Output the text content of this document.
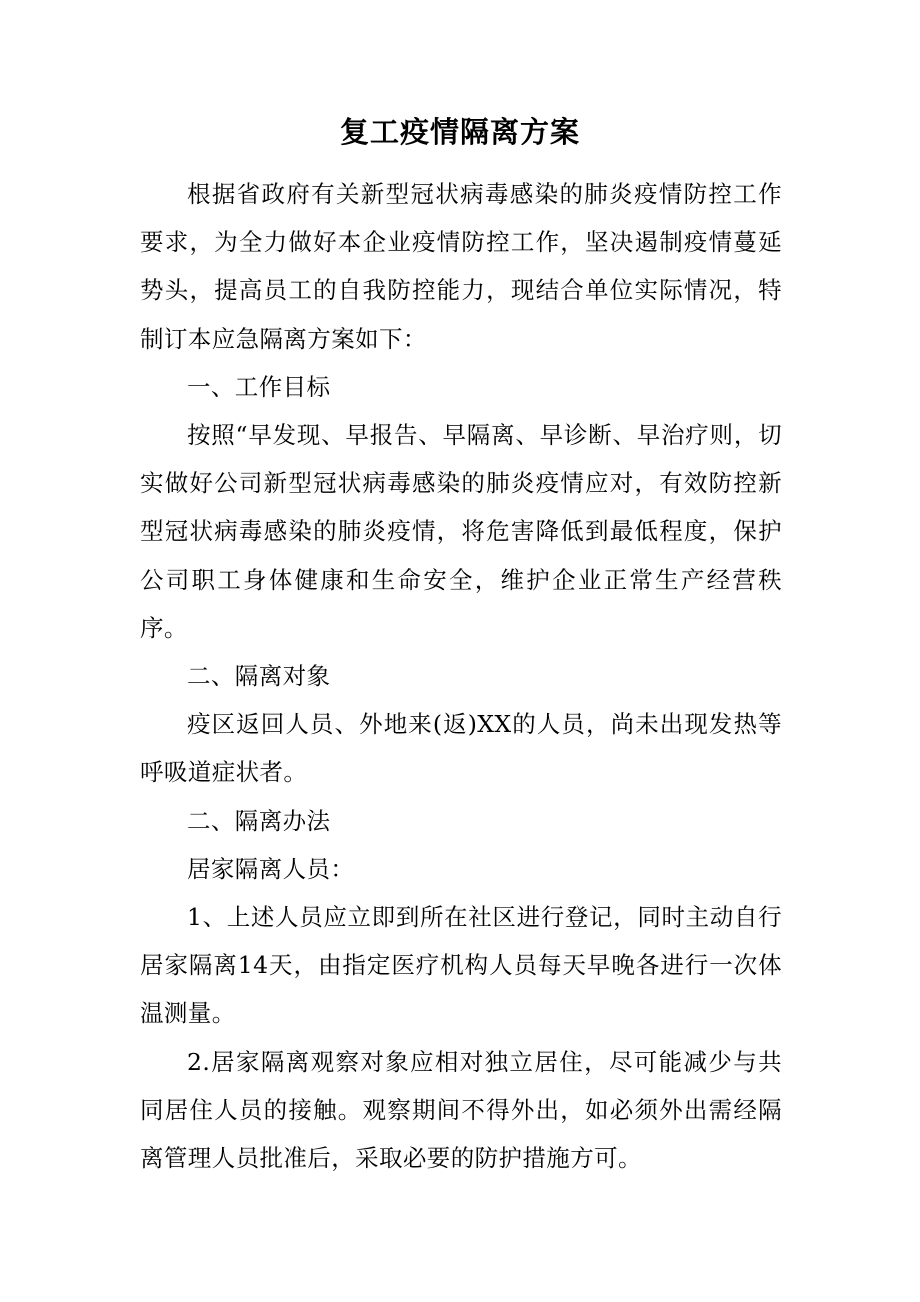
复工疫情隔离方案

根据省政府有关新型冠状病毒感染的肺炎疫情防控工作要求，为全力做好本企业疫情防控工作，坚决遏制疫情蔓延势头，提高员工的自我防控能力，现结合单位实际情况，特制订本应急隔离方案如下：

一、工作目标

按照“早发现、早报告、早隔离、早诊断、早治疗则，切实做好公司新型冠状病毒感染的肺炎疫情应对，有效防控新型冠状病毒感染的肺炎疫情，将危害降低到最低程度，保护公司职工身体健康和生命安全，维护企业正常生产经营秩序。

二、隔离对象

疫区返回人员、外地来(返)XX的人员，尚未出现发热等呼吸道症状者。

二、隔离办法

居家隔离人员：

1、上述人员应立即到所在社区进行登记，同时主动自行居家隔离14天，由指定医疗机构人员每天早晚各进行一次体温测量。

2.居家隔离观察对象应相对独立居住，尽可能减少与共同居住人员的接触。观察期间不得外出，如必须外出需经隔离管理人员批准后，采取必要的防护措施方可。
